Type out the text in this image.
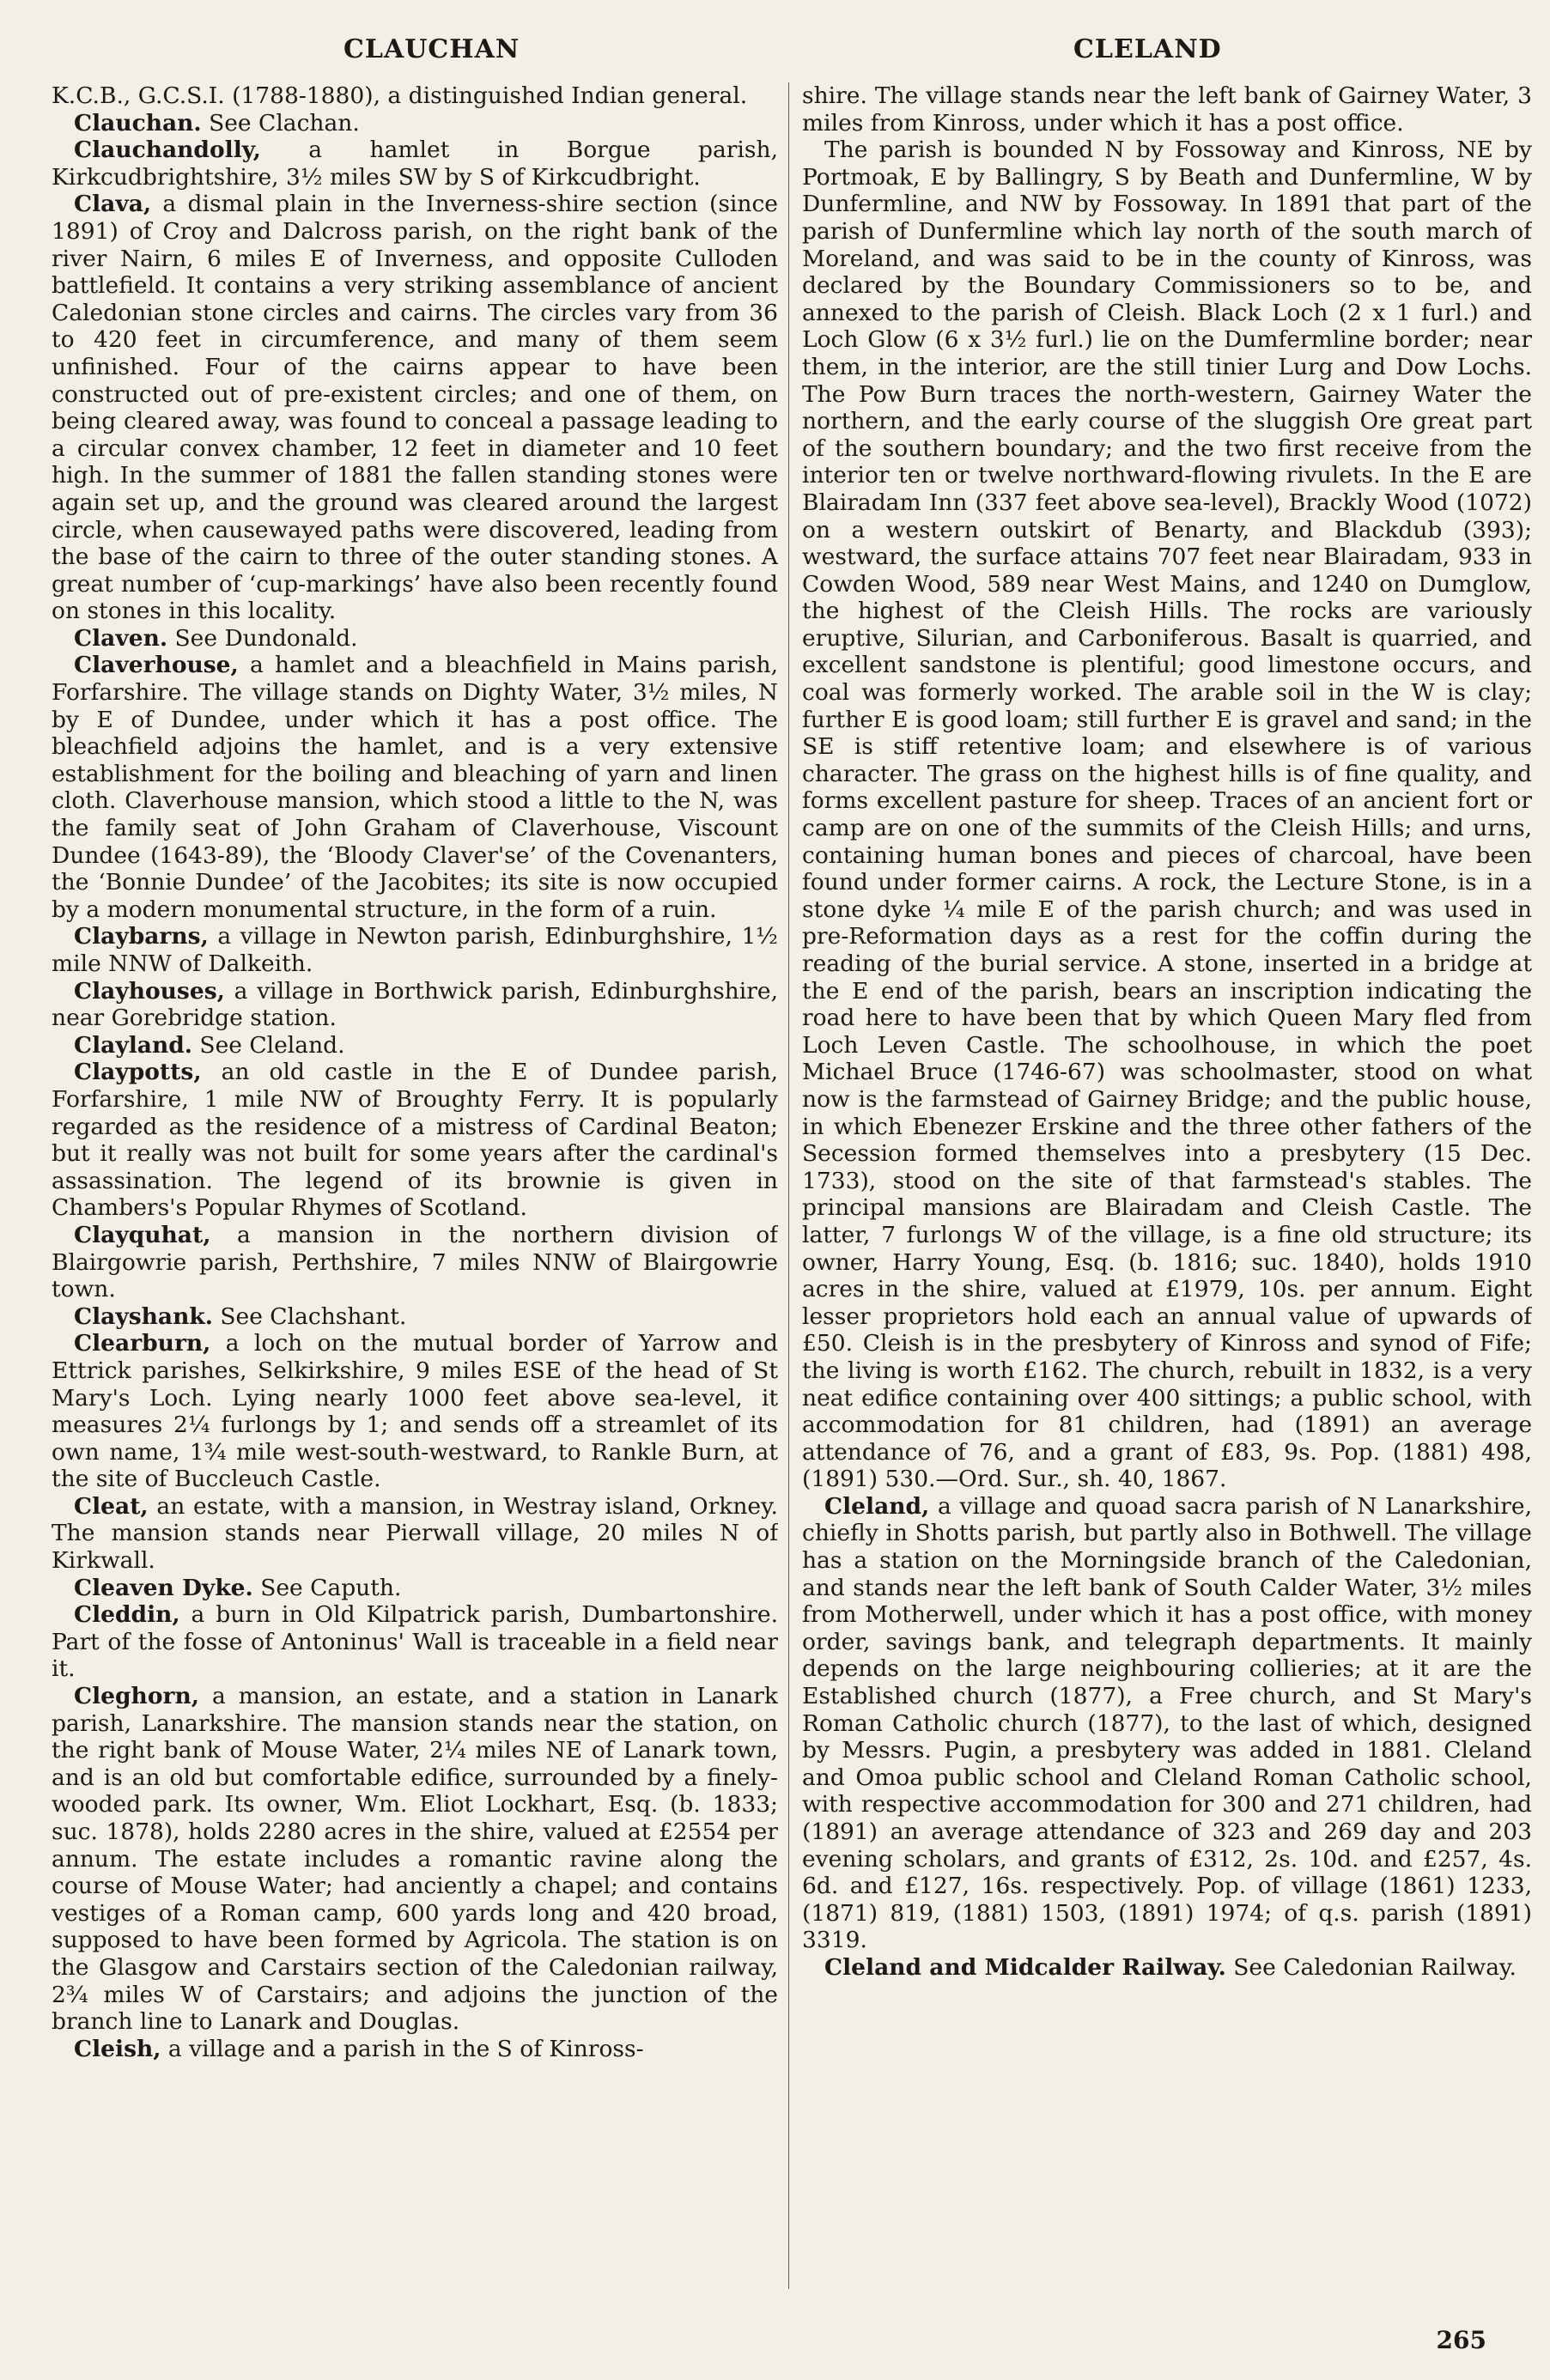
CLAUCHAN	CLELAND

K.C.B., G.C.S.I. (1788-1880), a distinguished Indian general.

Clauchan. See Clachan.

Clauchandolly, a hamlet in Borgue parish, Kirkcudbrightshire, 3½ miles SW by S of Kirkcudbright.

Clava, a dismal plain in the Inverness-shire section (since 1891) of Croy and Dalcross parish, on the right bank of the river Nairn, 6 miles E of Inverness, and opposite Culloden battlefield. It contains a very striking assemblance of ancient Caledonian stone circles and cairns. The circles vary from 36 to 420 feet in circumference, and many of them seem unfinished. Four of the cairns appear to have been constructed out of pre-existent circles; and one of them, on being cleared away, was found to conceal a passage leading to a circular convex chamber, 12 feet in diameter and 10 feet high. In the summer of 1881 the fallen standing stones were again set up, and the ground was cleared around the largest circle, when causewayed paths were discovered, leading from the base of the cairn to three of the outer standing stones. A great number of ‘cup-markings’ have also been recently found on stones in this locality.

Claven. See Dundonald.

Claverhouse, a hamlet and a bleachfield in Mains parish, Forfarshire. The village stands on Dighty Water, 3½ miles, N by E of Dundee, under which it has a post office. The bleachfield adjoins the hamlet, and is a very extensive establishment for the boiling and bleaching of yarn and linen cloth. Claverhouse mansion, which stood a little to the N, was the family seat of John Graham of Claverhouse, Viscount Dundee (1643-89), the ‘Bloody Claver'se’ of the Covenanters, the ‘Bonnie Dundee’ of the Jacobites; its site is now occupied by a modern monumental structure, in the form of a ruin.

Claybarns, a village in Newton parish, Edinburghshire, 1½ mile NNW of Dalkeith.

Clayhouses, a village in Borthwick parish, Edinburghshire, near Gorebridge station.

Clayland. See Cleland.

Claypotts, an old castle in the E of Dundee parish, Forfarshire, 1 mile NW of Broughty Ferry. It is popularly regarded as the residence of a mistress of Cardinal Beaton; but it really was not built for some years after the cardinal's assassination. The legend of its brownie is given in Chambers's Popular Rhymes of Scotland.

Clayquhat, a mansion in the northern division of Blairgowrie parish, Perthshire, 7 miles NNW of Blairgowrie town.

Clayshank. See Clachshant.

Clearburn, a loch on the mutual border of Yarrow and Ettrick parishes, Selkirkshire, 9 miles ESE of the head of St Mary's Loch. Lying nearly 1000 feet above sea-level, it measures 2¼ furlongs by 1; and sends off a streamlet of its own name, 1¾ mile west-south-westward, to Rankle Burn, at the site of Buccleuch Castle.

Cleat, an estate, with a mansion, in Westray island, Orkney. The mansion stands near Pierwall village, 20 miles N of Kirkwall.

Cleaven Dyke. See Caputh.

Cleddin, a burn in Old Kilpatrick parish, Dumbartonshire. Part of the fosse of Antoninus' Wall is traceable in a field near it.

Cleghorn, a mansion, an estate, and a station in Lanark parish, Lanarkshire. The mansion stands near the station, on the right bank of Mouse Water, 2¼ miles NE of Lanark town, and is an old but comfortable edifice, surrounded by a finely-wooded park. Its owner, Wm. Eliot Lockhart, Esq. (b. 1833; suc. 1878), holds 2280 acres in the shire, valued at £2554 per annum. The estate includes a romantic ravine along the course of Mouse Water; had anciently a chapel; and contains vestiges of a Roman camp, 600 yards long and 420 broad, supposed to have been formed by Agricola. The station is on the Glasgow and Carstairs section of the Caledonian railway, 2¾ miles W of Carstairs; and adjoins the junction of the branch line to Lanark and Douglas.

Cleish, a village and a parish in the S of Kinross-

shire. The village stands near the left bank of Gairney Water, 3 miles from Kinross, under which it has a post office.

The parish is bounded N by Fossoway and Kinross, NE by Portmoak, E by Ballingry, S by Beath and Dunfermline, W by Dunfermline, and NW by Fossoway. In 1891 that part of the parish of Dunfermline which lay north of the south march of Moreland, and was said to be in the county of Kinross, was declared by the Boundary Commissioners so to be, and annexed to the parish of Cleish. Black Loch (2 x 1 furl.) and Loch Glow (6 x 3½ furl.) lie on the Dumfermline border; near them, in the interior, are the still tinier Lurg and Dow Lochs. The Pow Burn traces the north-western, Gairney Water the northern, and the early course of the sluggish Ore great part of the southern boundary; and the two first receive from the interior ten or twelve northward-flowing rivulets. In the E are Blairadam Inn (337 feet above sea-level), Brackly Wood (1072) on a western outskirt of Benarty, and Blackdub (393); westward, the surface attains 707 feet near Blairadam, 933 in Cowden Wood, 589 near West Mains, and 1240 on Dumglow, the highest of the Cleish Hills. The rocks are variously eruptive, Silurian, and Carboniferous. Basalt is quarried, and excellent sandstone is plentiful; good limestone occurs, and coal was formerly worked. The arable soil in the W is clay; further E is good loam; still further E is gravel and sand; in the SE is stiff retentive loam; and elsewhere is of various character. The grass on the highest hills is of fine quality, and forms excellent pasture for sheep. Traces of an ancient fort or camp are on one of the summits of the Cleish Hills; and urns, containing human bones and pieces of charcoal, have been found under former cairns. A rock, the Lecture Stone, is in a stone dyke ¼ mile E of the parish church; and was used in pre-Reformation days as a rest for the coffin during the reading of the burial service. A stone, inserted in a bridge at the E end of the parish, bears an inscription indicating the road here to have been that by which Queen Mary fled from Loch Leven Castle. The schoolhouse, in which the poet Michael Bruce (1746-67) was schoolmaster, stood on what now is the farmstead of Gairney Bridge; and the public house, in which Ebenezer Erskine and the three other fathers of the Secession formed themselves into a presbytery (15 Dec. 1733), stood on the site of that farmstead's stables. The principal mansions are Blairadam and Cleish Castle. The latter, 7 furlongs W of the village, is a fine old structure; its owner, Harry Young, Esq. (b. 1816; suc. 1840), holds 1910 acres in the shire, valued at £1979, 10s. per annum. Eight lesser proprietors hold each an annual value of upwards of £50. Cleish is in the presbytery of Kinross and synod of Fife; the living is worth £162. The church, rebuilt in 1832, is a very neat edifice containing over 400 sittings; a public school, with accommodation for 81 children, had (1891) an average attendance of 76, and a grant of £83, 9s. Pop. (1881) 498, (1891) 530.—Ord. Sur., sh. 40, 1867.

Cleland, a village and quoad sacra parish of N Lanarkshire, chiefly in Shotts parish, but partly also in Bothwell. The village has a station on the Morningside branch of the Caledonian, and stands near the left bank of South Calder Water, 3½ miles from Motherwell, under which it has a post office, with money order, savings bank, and telegraph departments. It mainly depends on the large neighbouring collieries; at it are the Established church (1877), a Free church, and St Mary's Roman Catholic church (1877), to the last of which, designed by Messrs. Pugin, a presbytery was added in 1881. Cleland and Omoa public school and Cleland Roman Catholic school, with respective accommodation for 300 and 271 children, had (1891) an average attendance of 323 and 269 day and 203 evening scholars, and grants of £312, 2s. 10d. and £257, 4s. 6d. and £127, 16s. respectively. Pop. of village (1861) 1233, (1871) 819, (1881) 1503, (1891) 1974; of q.s. parish (1891) 3319.

Cleland and Midcalder Railway. See Caledonian Railway.

265
